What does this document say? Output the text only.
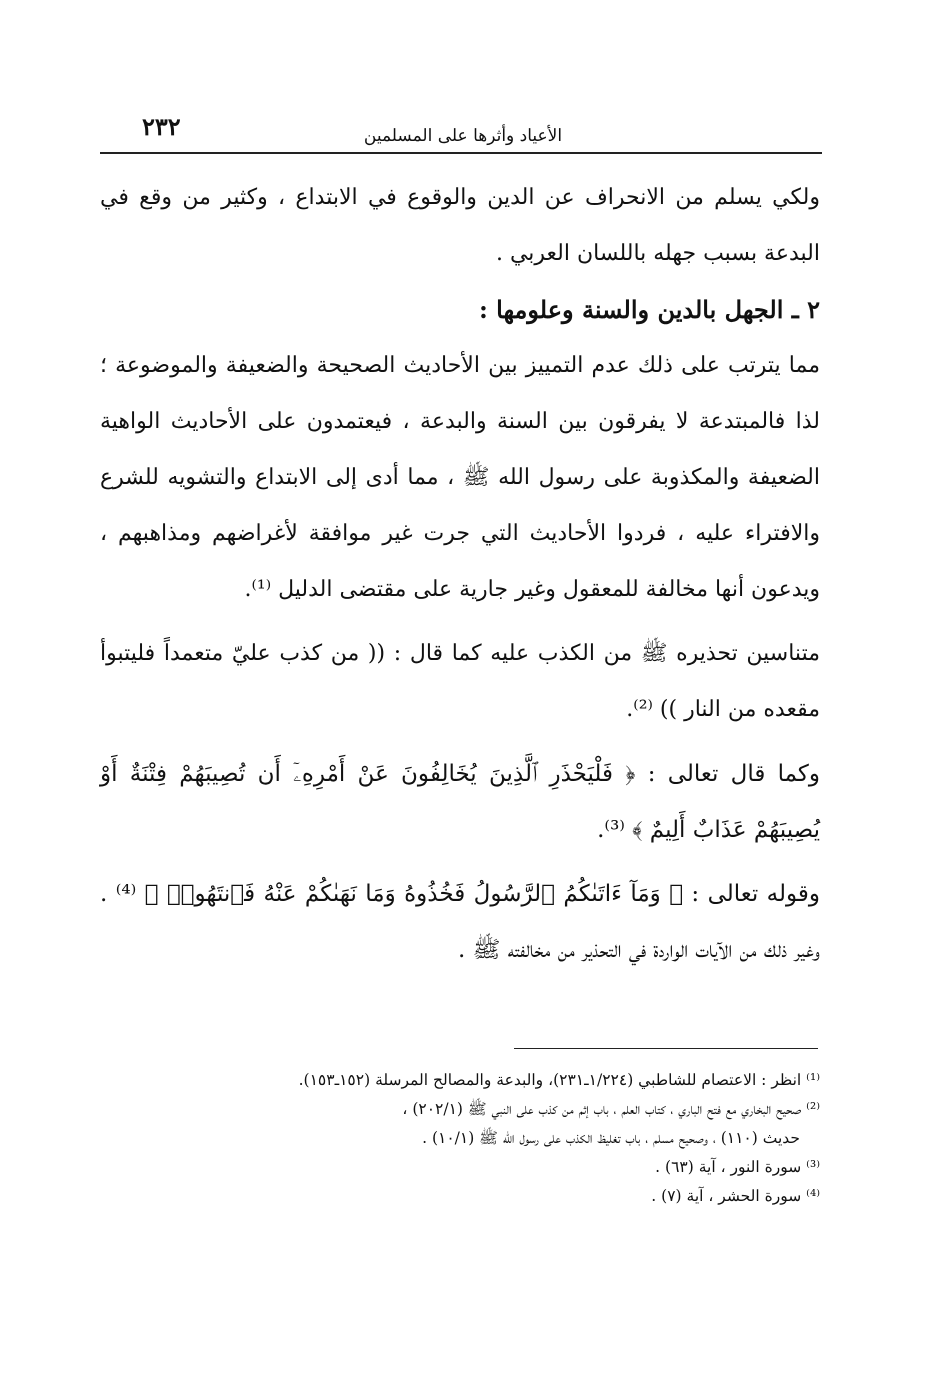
٢٣٢	الأعياد وأثرها على المسلمين

ولكي يسلم من الانحراف عن الدين والوقوع في الابتداع ، وكثير من وقع في البدعة بسبب جهله باللسان العربي .

٢ ـ الجهل بالدين والسنة وعلومها :

مما يترتب على ذلك عدم التمييز بين الأحاديث الصحيحة والضعيفة والموضوعة ؛ لذا فالمبتدعة لا يفرقون بين السنة والبدعة ، فيعتمدون على الأحاديث الواهية الضعيفة والمكذوبة على رسول الله ﷺ ، مما أدى إلى الابتداع والتشويه للشرع والافتراء عليه ، فردوا الأحاديث التي جرت غير موافقة لأغراضهم ومذاهبهم ، ويدعون أنها مخالفة للمعقول وغير جارية على مقتضى الدليل ⁽¹⁾.

متناسين تحذيره ﷺ من الكذب عليه كما قال : (( من كذب عليّ متعمداً فليتبوأ مقعده من النار )) ⁽²⁾.

وكما قال تعالى : ﴿ فَلْيَحْذَرِ ٱلَّذِينَ يُخَالِفُونَ عَنْ أَمْرِهِۦٓ أَن تُصِيبَهُمْ فِتْنَةٌ أَوْ يُصِيبَهُمْ عَذَابٌ أَلِيمٌ ﴾ ⁽³⁾.

وقوله تعالى : ﴿ وَمَآ ءَاتَىٰكُمُ ٱلرَّسُولُ فَخُذُوهُ وَمَا نَهَىٰكُمْ عَنْهُ فَٱنتَهُوا۟ ﴾ ⁽⁴⁾ . وغير ذلك من الآيات الواردة في التحذير من مخالفته ﷺ .

⁽¹⁾ انظر : الاعتصام للشاطبي (١/٢٢٤ـ٢٣١)، والبدعة والمصالح المرسلة (١٥٢ـ١٥٣).

⁽²⁾ صحيح البخاري مع فتح الباري ، كتاب العلم ، باب إثم من كذب على النبي ﷺ (٢٠٢/١) ،

حديث (١١٠) ، وصحيح مسلم ، باب تغليظ الكذب على رسول الله ﷺ (١٠/١) .

⁽³⁾ سورة النور ، آية (٦٣) .

⁽⁴⁾ سورة الحشر ، آية (٧) .
